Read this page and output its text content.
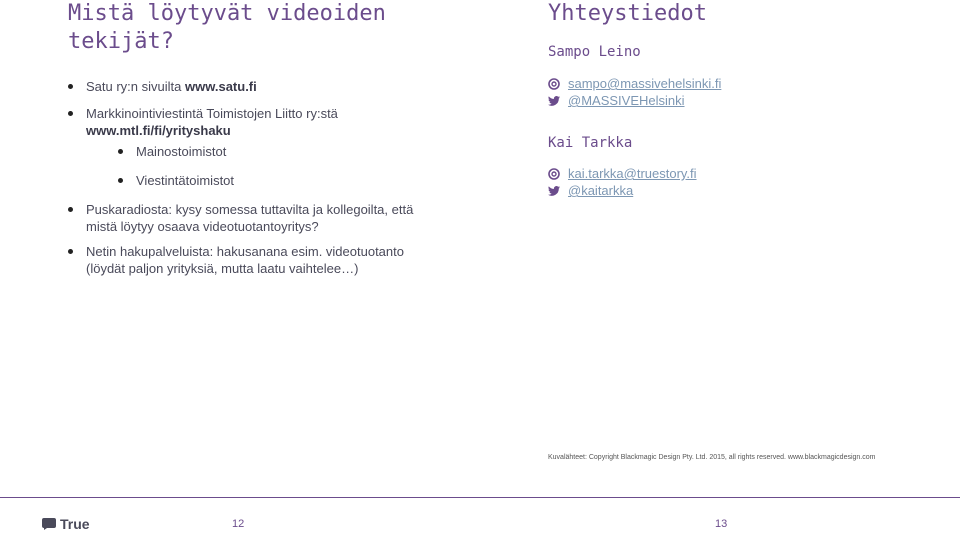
Mistä löytyvät videoiden tekijät?
Satu ry:n sivuilta www.satu.fi
Markkinointiviestintä Toimistojen Liitto ry:stä www.mtl.fi/fi/yrityshaku
Mainostoimistot
Viestintätoimistot
Puskaradiosta: kysy somessa tuttavilta ja kollegoilta, että mistä löytyy osaava videotuotantoyritys?
Netin hakupalveluista: hakusanana esim. videotuotanto (löydät paljon yrityksiä, mutta laatu vaihtelee…)
True	12
Yhteystiedot
Sampo Leino
sampo@massivehelsinki.fi
@MASSIVEHelsinki
Kai Tarkka
kai.tarkka@truestory.fi
@kaitarkka
Kuvalähteet: Copyright Blackmagic Design Pty. Ltd. 2015, all rights reserved. www.blackmagicdesign.com
13
